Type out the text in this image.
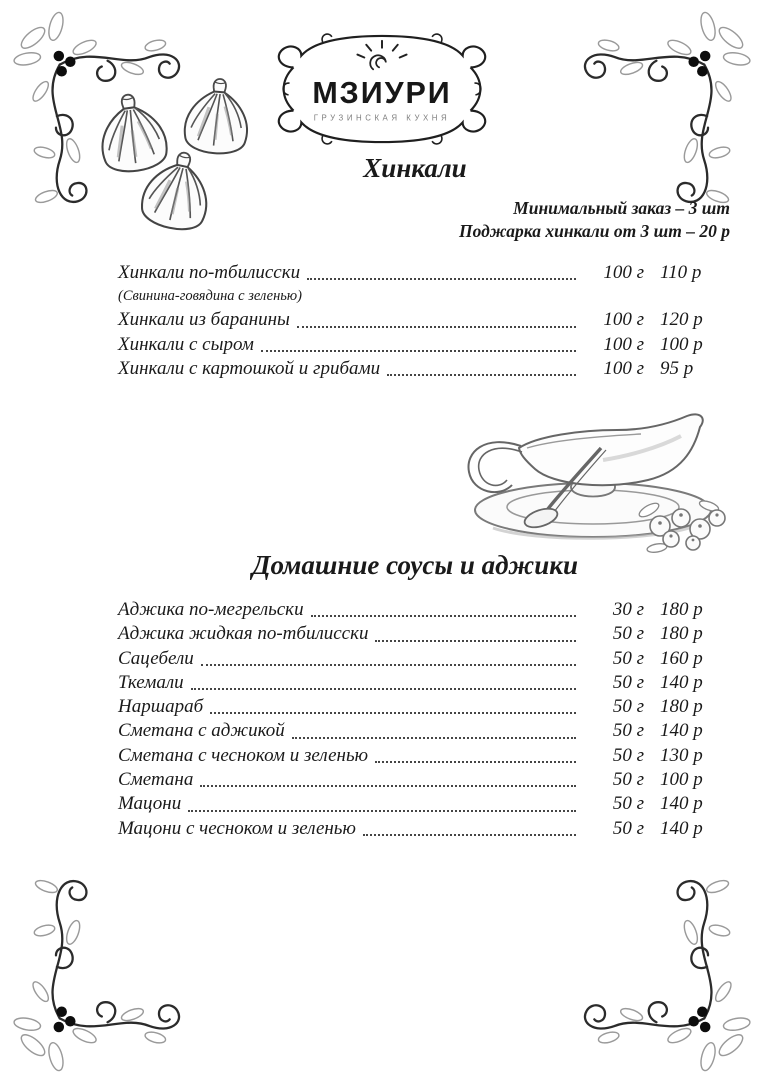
МЗИУРИ
ГРУЗИНСКАЯ КУХНЯ
Хинкали
Минимальный заказ – 3 шт
Поджарка хинкали от 3 шт – 20 р
Хинкали по-тбилисски	100 г 110 р
(Свинина-говядина с зеленью)
Хинкали из баранины	100 г 120 р
Хинкали с сыром	100 г 100 р
Хинкали с картошкой и грибами	100 г 95 р
Домашние соусы и аджики
Аджика по-мегрельски	30 г 180 р
Аджика жидкая по-тбилисски	50 г 180 р
Сацебели	50 г 160 р
Ткемали	50 г 140 р
Наршараб	50 г 180 р
Сметана с аджикой	50 г 140 р
Сметана с чесноком и зеленью	50 г 130 р
Сметана	50 г 100 р
Мацони	50 г 140 р
Мацони с чесноком и зеленью	50 г 140 р
